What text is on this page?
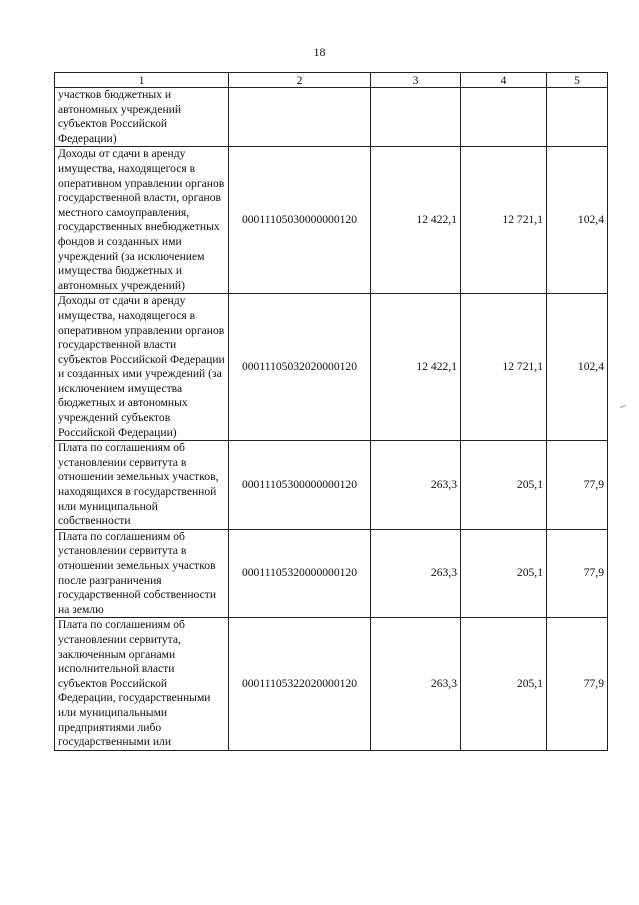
18
1	2	3	4	5
участков бюджетных и автономных учреждений субъектов Российской Федерации)				
Доходы от сдачи в аренду имущества, находящегося в оперативном управлении органов государственной власти, органов местного самоуправления, государственных внебюджетных фондов и созданных ими учреждений (за исключением имущества бюджетных и автономных учреждений)	00011105030000000120	12 422,1	12 721,1	102,4
Доходы от сдачи в аренду имущества, находящегося в оперативном управлении органов государственной власти субъектов Российской Федерации и созданных ими учреждений (за исключением имущества бюджетных и автономных учреждений субъектов Российской Федерации)	00011105032020000120	12 422,1	12 721,1	102,4
Плата по соглашениям об установлении сервитута в отношении земельных участков, находящихся в государственной или муниципальной собственности	00011105300000000120	263,3	205,1	77,9
Плата по соглашениям об установлении сервитута в отношении земельных участков после разграничения государственной собственности на землю	00011105320000000120	263,3	205,1	77,9
Плата по соглашениям об установлении сервитута, заключенным органами исполнительной власти субъектов Российской Федерации, государственными или муниципальными предприятиями либо государственными или	00011105322020000120	263,3	205,1	77,9
